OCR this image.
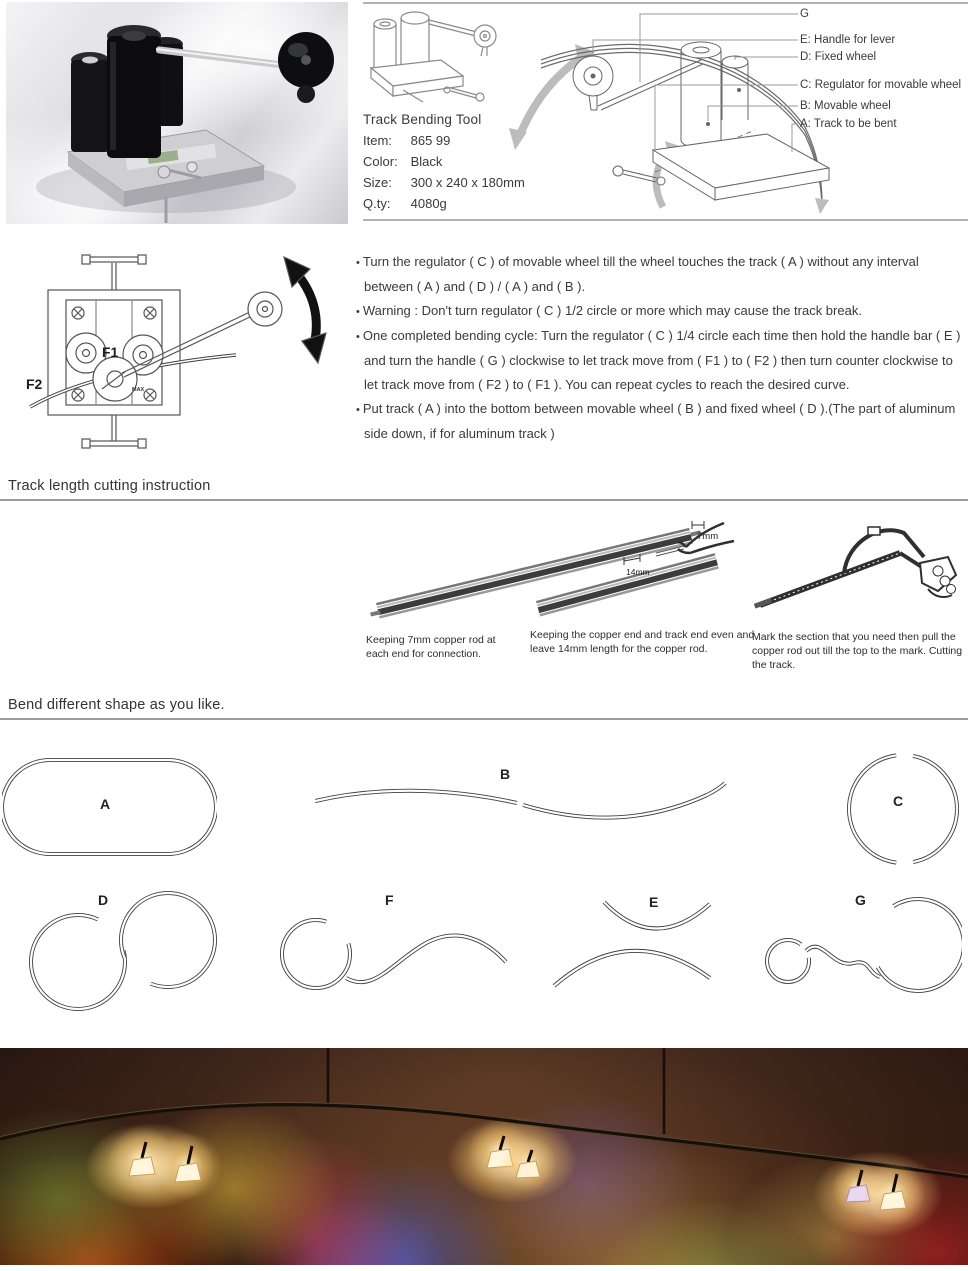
Track Bending Tool
Item: 865 99
Color: Black
Size: 300 x 240 x 180mm
Q.ty: 4080g
G
E: Handle for lever
D: Fixed wheel
C: Regulator for movable wheel
B: Movable wheel
A: Track to be bent
F1
F2	MAX
• Turn the regulator ( C ) of movable wheel till the wheel touches the track ( A ) without any interval between ( A ) and ( D ) / ( A ) and ( B ).
• Warning : Don't turn regulator ( C ) 1/2 circle or more which may cause the track break.
• One completed bending cycle: Turn the regulator ( C ) 1/4 circle each time then hold the handle bar ( E ) and turn the handle ( G ) clockwise to let track move from ( F1 ) to ( F2 ) then turn counter clockwise to let track move from ( F2 ) to ( F1 ). You can repeat cycles to reach the desired curve.
• Put track ( A ) into the bottom between movable wheel ( B ) and fixed wheel ( D ).(The part of aluminum side down, if for aluminum track )
Track length cutting instruction
7mm
14mm
Keeping 7mm copper rod at each end for connection.
Keeping the copper end and track end even and leave 14mm length for the copper rod.
Mark the section that you need then pull the copper rod out till the top to the mark. Cutting the track.
Bend different shape as you like.
A
B
C
D	F	E	G
